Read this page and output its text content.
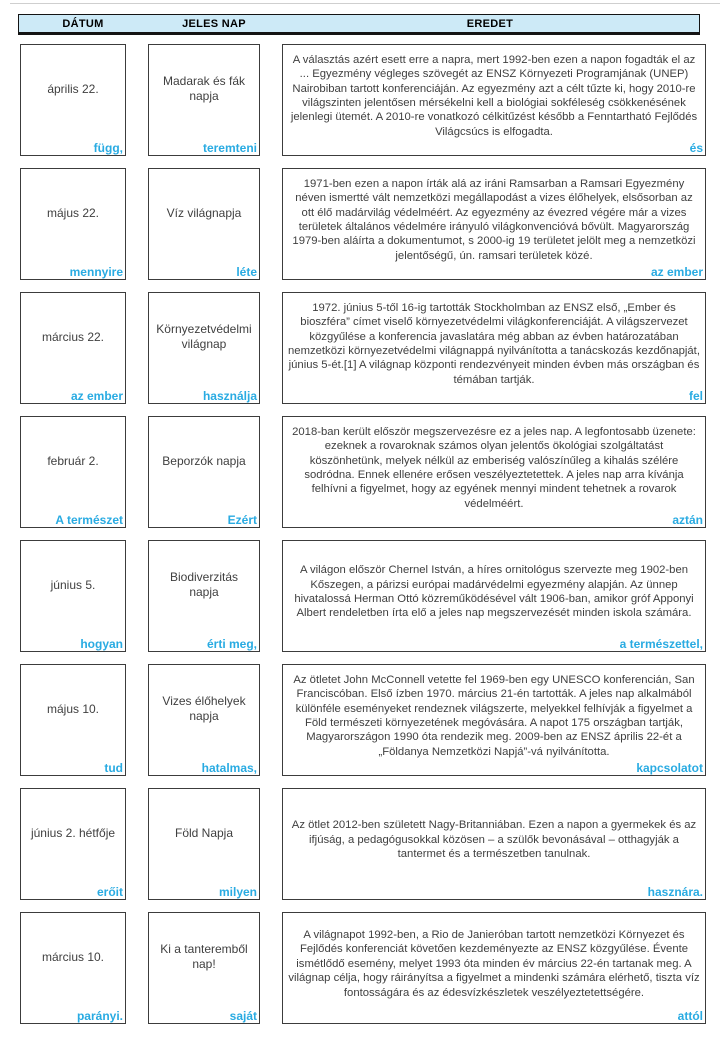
DÁTUM	JELES NAP	EREDET
április 22.
függ,
Madarak és fák napja
teremteni
A választás azért esett erre a napra, mert 1992-ben ezen a napon fogadták el az ... Egyezmény végleges szövegét az ENSZ Környezeti Programjának (UNEP) Nairobiban tartott konferenciáján. Az egyezmény azt a célt tűzte ki, hogy 2010-re világszinten jelentősen mérsékelni kell a biológiai sokféleség csökkenésének jelenlegi ütemét. A 2010-re vonatkozó célkitűzést később a Fenntartható Fejlődés Világcsúcs is elfogadta.
és
május 22.
mennyire
Víz világnapja
léte
1971-ben ezen a napon írták alá az iráni Ramsarban a Ramsari Egyezmény néven ismertté vált nemzetközi megállapodást a vizes élőhelyek, elsősorban az ott élő madárvilág védelméért. Az egyezmény az évezred végére már a vizes területek általános védelmére irányuló világkonvencióvá bővült. Magyarország 1979-ben aláírta a dokumentumot, s 2000-ig 19 területet jelölt meg a nemzetközi jelentőségű, ún. ramsari területek közé.
az ember
március 22.
az ember
Környezetvédelmi világnap
használja
1972. június 5-től 16-ig tartották Stockholmban az ENSZ első, „Ember és bioszféra” címet viselő környezetvédelmi világkonferenciáját. A világszervezet közgyűlése a konferencia javaslatára még abban az évben határozatában nemzetközi környezetvédelmi világnappá nyilvánította a tanácskozás kezdőnapját, június 5-ét.[1] A világnap központi rendezvényeit minden évben más országban és témában tartják.
fel
február 2.
A természet
Beporzók napja
Ezért
2018-ban került először megszervezésre ez a jeles nap. A legfontosabb üzenete: ezeknek a rovaroknak számos olyan jelentős ökológiai szolgáltatást köszönhetünk, melyek nélkül az emberiség valószínűleg a kihalás szélére sodródna. Ennek ellenére erősen veszélyeztetettek. A jeles nap arra kívánja felhívni a figyelmet, hogy az egyének mennyi mindent tehetnek a rovarok védelméért.
aztán
június 5.
hogyan
Biodiverzitás napja
érti meg,
A világon először Chernel István, a híres ornitológus szervezte meg 1902-ben Kőszegen, a párizsi európai madárvédelmi egyezmény alapján. Az ünnep hivatalossá Herman Ottó közreműködésével vált 1906-ban, amikor gróf Apponyi Albert rendeletben írta elő a jeles nap megszervezését minden iskola számára.
a természettel,
május 10.
tud
Vizes élőhelyek napja
hatalmas,
Az ötletet John McConnell vetette fel 1969-ben egy UNESCO konferencián, San Franciscóban. Első ízben 1970. március 21-én tartották. A jeles nap alkalmából különféle eseményeket rendeznek világszerte, melyekkel felhívják a figyelmet a Föld természeti környezetének megóvására. A napot 175 országban tartják, Magyarországon 1990 óta rendezik meg. 2009-ben az ENSZ április 22-ét a „Földanya Nemzetközi Napjá”-vá nyilvánította.
kapcsolatot
június 2. hétfője
erőit
Föld Napja
milyen
Az ötlet 2012-ben született Nagy-Britanniában. Ezen a napon a gyermekek és az ifjúság, a pedagógusokkal közösen – a szülők bevonásával – otthagyják a tantermet és a természetben tanulnak.
hasznára.
március 10.
parányi.
Ki a tanteremből nap!
saját
A világnapot 1992-ben, a Rio de Janieróban tartott nemzetközi Környezet és Fejlődés konferenciát követően kezdeményezte az ENSZ közgyűlése. Évente ismétlődő esemény, melyet 1993 óta minden év március 22-én tartanak meg. A világnap célja, hogy ráirányítsa a figyelmet a mindenki számára elérhető, tiszta víz fontosságára és az édesvízkészletek veszélyeztetettségére.
attól
